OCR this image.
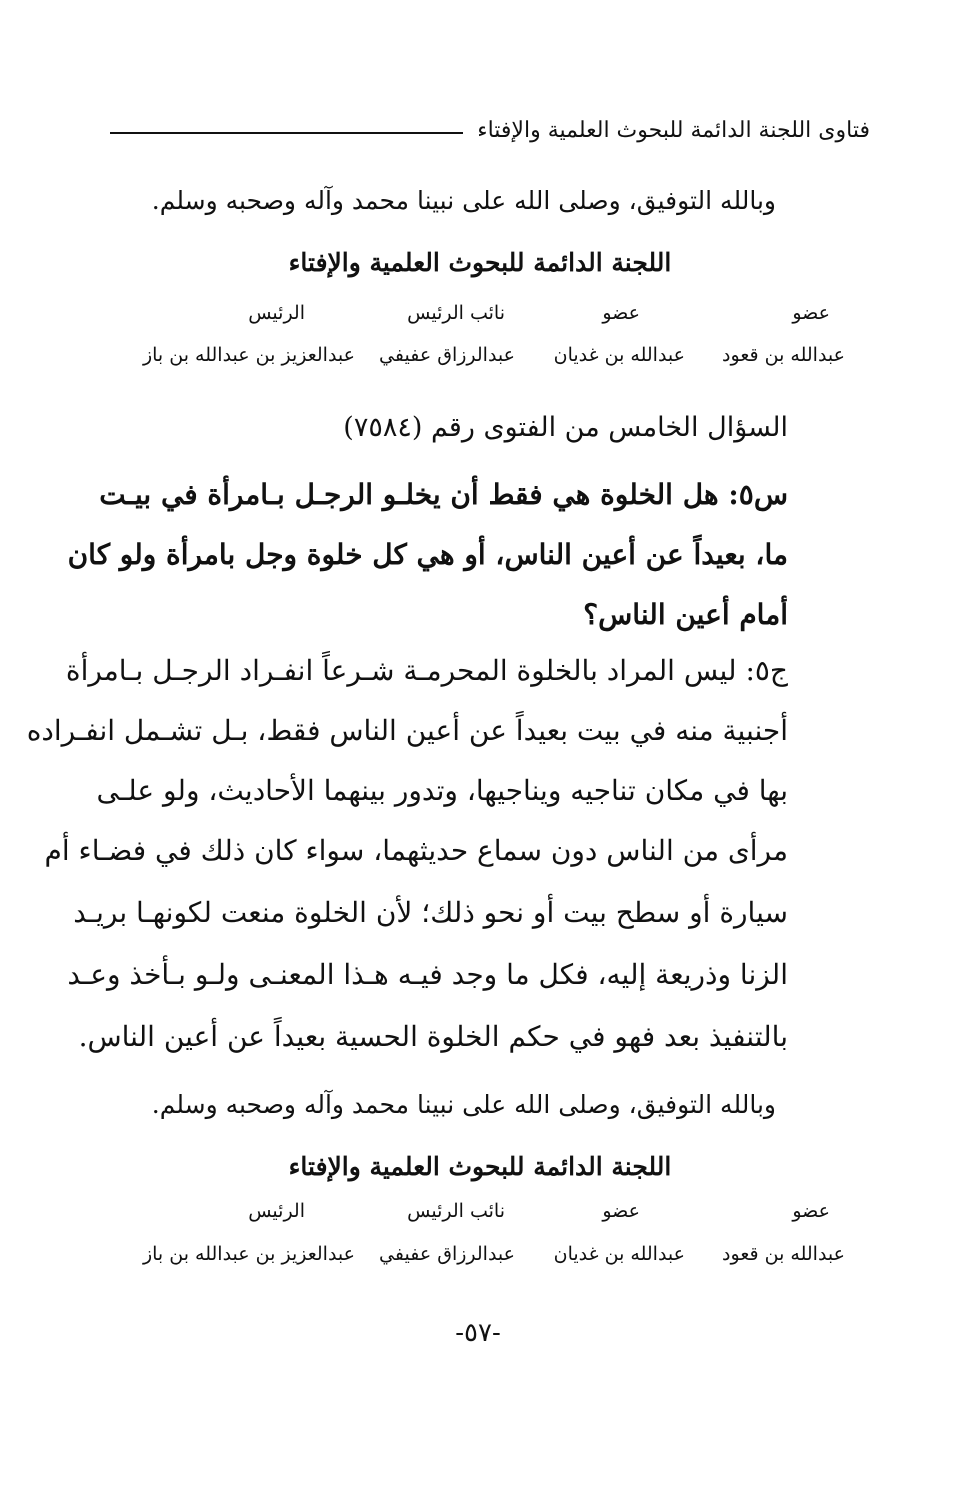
فتاوى اللجنة الدائمة للبحوث العلمية والإفتاء
وبالله التوفيق، وصلى الله على نبينا محمد وآله وصحبه وسلم.
اللجنة الدائمة للبحوث العلمية والإفتاء
عضو
عضو
نائب الرئيس
الرئيس
عبدالله بن قعود
عبدالله بن غديان
عبدالرزاق عفيفي
عبدالعزيز بن عبدالله بن باز
السؤال الخامس من الفتوى رقم (٧٥٨٤)
س٥: هل الخلوة هي فقط أن يخلـو الرجـل بـامرأة في بيـت
ما، بعيداً عن أعين الناس، أو هي كل خلوة وجل بامرأة ولو كان
أمام أعين الناس؟
ج٥: ليس المراد بالخلوة المحرمـة شـرعاً انفـراد الرجـل بـامرأة
أجنبية منه في بيت بعيداً عن أعين الناس فقط، بـل تشـمل انفـراده
بها في مكان تناجيه ويناجيها، وتدور بينهما الأحاديث، ولو علـى
مرأى من الناس دون سماع حديثهما، سواء كان ذلك في فضـاء أم
سيارة أو سطح بيت أو نحو ذلك؛ لأن الخلوة منعت لكونهـا بريـد
الزنا وذريعة إليه، فكل ما وجد فيـه هـذا المعنـى ولـو بـأخذ وعـد
بالتنفيذ بعد فهو في حكم الخلوة الحسية بعيداً عن أعين الناس.
وبالله التوفيق، وصلى الله على نبينا محمد وآله وصحبه وسلم.
اللجنة الدائمة للبحوث العلمية والإفتاء
عضو
عضو
نائب الرئيس
الرئيس
عبدالله بن قعود
عبدالله بن غديان
عبدالرزاق عفيفي
عبدالعزيز بن عبدالله بن باز
-٥٧-
